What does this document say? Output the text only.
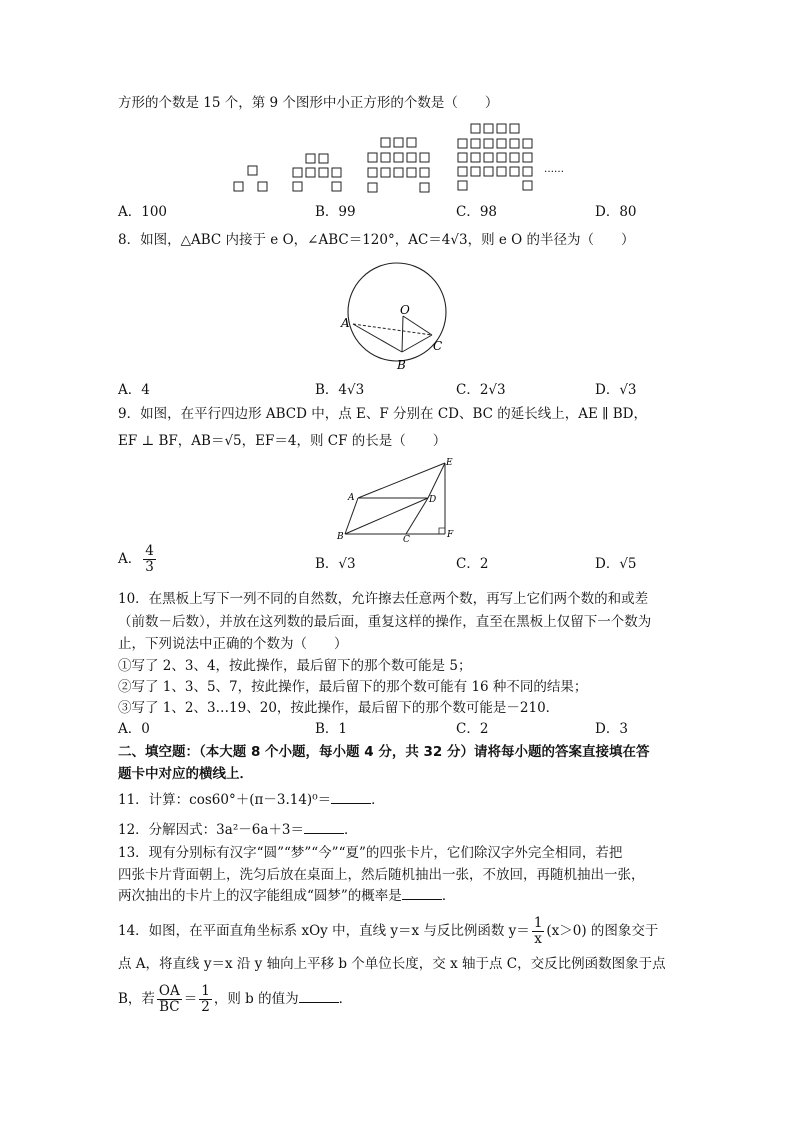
方形的个数是 15 个，第 9 个图形中小正方形的个数是（　　）
……
A．100	B．99	C．98	D．80
8．如图，△ABC 内接于 e O，∠ABC＝120°，AC＝4√3，则 e O 的半径为（　　）
A
O
B
C
A．4	B．4√3	C．2√3	D．√3
9．如图，在平行四边形 ABCD 中，点 E、F 分别在 CD、BC 的延长线上，AE ∥ BD，
EF ⊥ BF，AB＝√5，EF＝4，则 CF 的长是（　　）
A
B	C
D
E
F
A． $\frac{4}{3}$	B．√3	C．2	D．√5
10．在黑板上写下一列不同的自然数，允许擦去任意两个数，再写上它们两个数的和或差
（前数－后数），并放在这列数的最后面，重复这样的操作，直至在黑板上仅留下一个数为
止，下列说法中正确的个数为（　　）
①写了 2、3、4，按此操作，最后留下的那个数可能是 5；
②写了 1、3、5、7，按此操作，最后留下的那个数可能有 16 种不同的结果；
③写了 1、2、3…19、20，按此操作，最后留下的那个数可能是－210．
A．0	B．1	C．2	D．3
二、填空题：（本大题 8 个小题，每小题 4 分，共 32 分）请将每小题的答案直接填在答
题卡中对应的横线上．
11．计算：cos60°＋(π－3.14)⁰＝	．
12．分解因式：3a²－6a＋3＝	．
13．现有分别标有汉字“圆”“梦”“今”“夏”的四张卡片，它们除汉字外完全相同，若把
四张卡片背面朝上，洗匀后放在桌面上，然后随机抽出一张，不放回，再随机抽出一张，
两次抽出的卡片上的汉字能组成“圆梦”的概率是	．
14．如图，在平面直角坐标系 xOy 中，直线 y＝x 与反比例函数 $y= \frac{1}{x} (x>0)$ 的图象交于
点 A，将直线 y＝x 沿 y 轴向上平移 b 个单位长度，交 x 轴于点 C，交反比例函数图象于点
B，若 $\frac{OA}{BC} = \frac{1}{2}$ ，则 b 的值为	．
